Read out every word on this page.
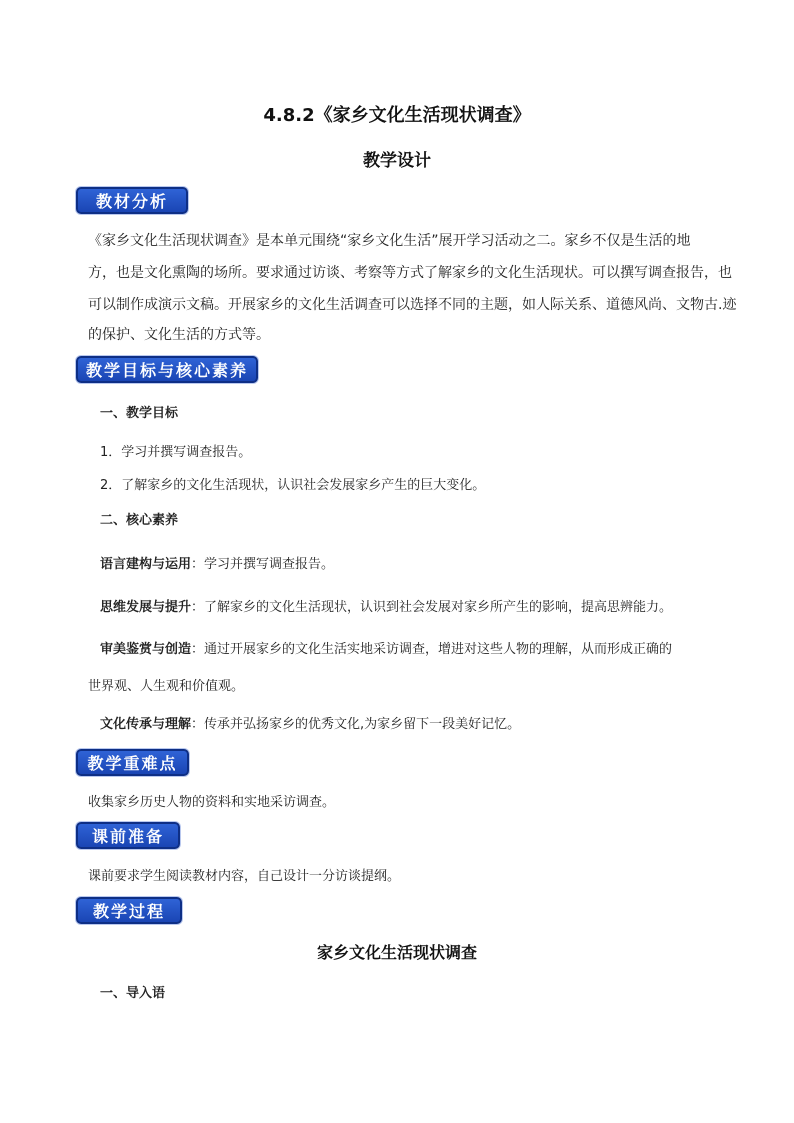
4.8.2《家乡文化生活现状调查》
教学设计
教材分析
《家乡文化生活现状调查》是本单元围绕“家乡文化生活”展开学习活动之二。家乡不仅是生活的地
方，也是文化熏陶的场所。要求通过访谈、考察等方式了解家乡的文化生活现状。可以撰写调查报告，也
可以制作成演示文稿。开展家乡的文化生活调查可以选择不同的主题，如人际关系、道德风尚、文物古.迹
的保护、文化生活的方式等。
教学目标与核心素养
一、教学目标
1．学习并撰写调查报告。
2．了解家乡的文化生活现状，认识社会发展家乡产生的巨大变化。
二、核心素养
语言建构与运用：学习并撰写调查报告。
思维发展与提升：了解家乡的文化生活现状，认识到社会发展对家乡所产生的影响，提高思辨能力。
审美鉴赏与创造：通过开展家乡的文化生活实地采访调查，增进对这些人物的理解，从而形成正确的
世界观、人生观和价值观。
文化传承与理解：传承并弘扬家乡的优秀文化,为家乡留下一段美好记忆。
教学重难点
收集家乡历史人物的资料和实地采访调查。
课前准备
课前要求学生阅读教材内容，自己设计一分访谈提纲。
教学过程
家乡文化生活现状调查
一、导入语
